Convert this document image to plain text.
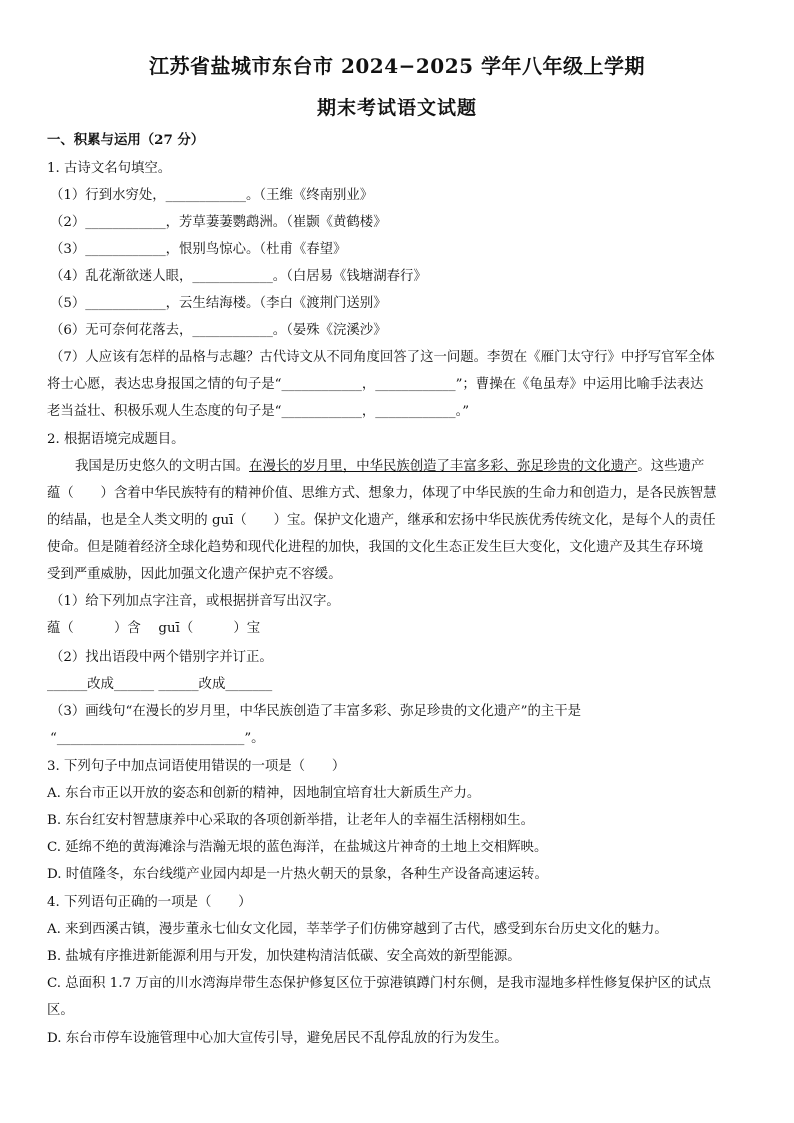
江苏省盐城市东台市 2024−2025 学年八年级上学期
期末考试语文试题
一、积累与运用（27 分）
1. 古诗文名句填空。
（1）行到水穷处，____________。（王维《终南别业》
（2）____________，芳草萋萋鹦鹉洲。（崔颢《黄鹤楼》
（3）____________，恨别鸟惊心。（杜甫《春望》
（4）乱花渐欲迷人眼，____________。（白居易《钱塘湖春行》
（5）____________，云生结海楼。（李白《渡荆门送别》
（6）无可奈何花落去，____________。（晏殊《浣溪沙》
（7）人应该有怎样的品格与志趣？古代诗文从不同角度回答了这一问题。李贺在《雁门太守行》中抒写官军全体
将士心愿，表达忠身报国之情的句子是“____________，____________”；曹操在《龟虽寿》中运用比喻手法表达
老当益壮、积极乐观人生态度的句子是“____________，____________。”
2. 根据语境完成题目。
我国是历史悠久的文明古国。在漫长的岁月里，中华民族创造了丰富多彩、弥足珍贵的文化遗产。这些遗产
蕴（　　）含着中华民族特有的精神价值、思维方式、想象力，体现了中华民族的生命力和创造力，是各民族智慧
的结晶，也是全人类文明的 guī（　　）宝。保护文化遗产，继承和宏扬中华民族优秀传统文化，是每个人的责任
使命。但是随着经济全球化趋势和现代化进程的加快，我国的文化生态正发生巨大变化，文化遗产及其生存环境
受到严重威胁，因此加强文化遗产保护克不容缓。
（1）给下列加点字注音，或根据拼音写出汉字。
蕴（　　　）含　 guī（　　　）宝
（2）找出语段中两个错别字并订正。
______改成______ ______改成_______
（3）画线句“在漫长的岁月里，中华民族创造了丰富多彩、弥足珍贵的文化遗产”的主干是
“____________________________”。
3. 下列句子中加点词语使用错误的一项是（　　）
A. 东台市正以开放的姿态和创新的精神，因地制宜培育壮大新质生产力。
B. 东台红安村智慧康养中心采取的各项创新举措，让老年人的幸福生活栩栩如生。
C. 延绵不绝的黄海滩涂与浩瀚无垠的蓝色海洋，在盐城这片神奇的土地上交相辉映。
D. 时值隆冬，东台线缆产业园内却是一片热火朝天的景象，各种生产设备高速运转。
4. 下列语句正确的一项是（　　）
A. 来到西溪古镇，漫步董永七仙女文化园，莘莘学子们仿佛穿越到了古代，感受到东台历史文化的魅力。
B. 盐城有序推进新能源利用与开发，加快建构清洁低碳、安全高效的新型能源。
C. 总面积 1.7 万亩的川水湾海岸带生态保护修复区位于弶港镇蹲门村东侧，是我市湿地多样性修复保护区的试点
区。
D. 东台市停车设施管理中心加大宣传引导，避免居民不乱停乱放的行为发生。
